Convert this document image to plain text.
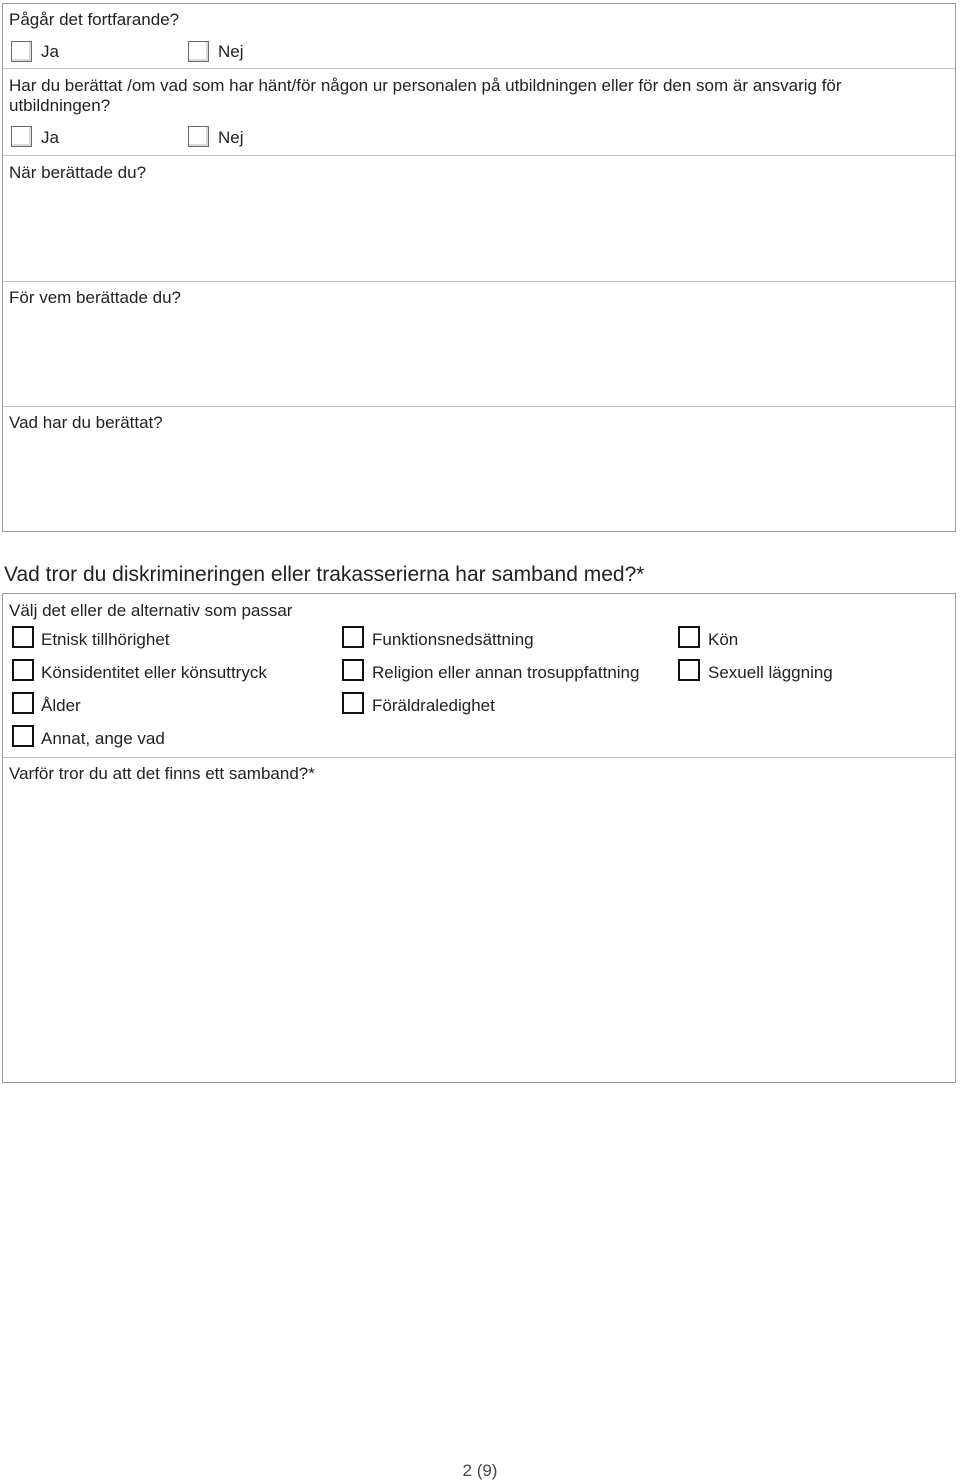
Pågår det fortfarande?
Ja	Nej
Har du berättat /om vad som har hänt/för någon ur personalen på utbildningen eller för den som är ansvarig för utbildningen?
Ja	Nej
När berättade du?
För vem berättade du?
Vad har du berättat?
Vad tror du diskrimineringen eller trakasserierna har samband med?*
Välj det eller de alternativ som passar
Etnisk tillhörighet	Funktionsnedsättning	Kön
Könsidentitet eller könsuttryck	Religion eller annan trosuppfattning	Sexuell läggning
Ålder	Föräldraledighet
Annat, ange vad
Varför tror du att det finns ett samband?*
2 (9)
